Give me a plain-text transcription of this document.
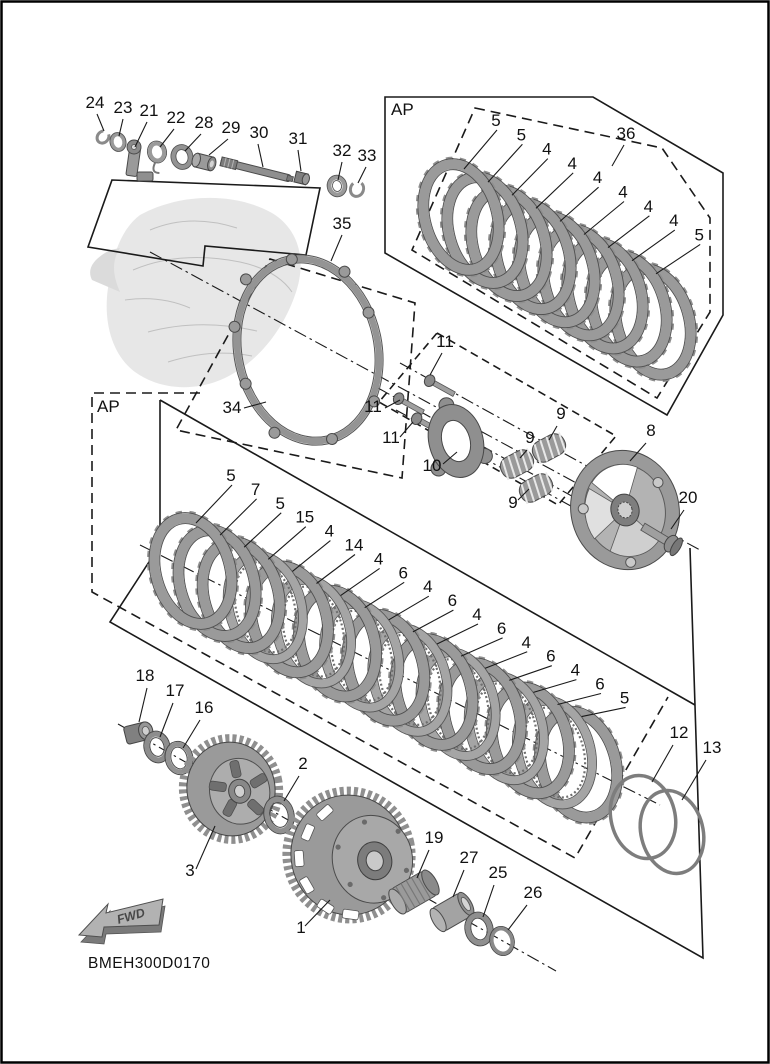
5
5
4
4
4
4
4
4
5
5
7
5
15
4
14
4
6
4
6
4
6
4
6
4
6
5
FWD
AP
AP
BMEH300D0170
24 23 21 22 28 29 30 31
32 33
35
36
34
11
11
11
10
9
9
9
8
20
18
17
16
3
2
1
19
27
25
26
12
13
